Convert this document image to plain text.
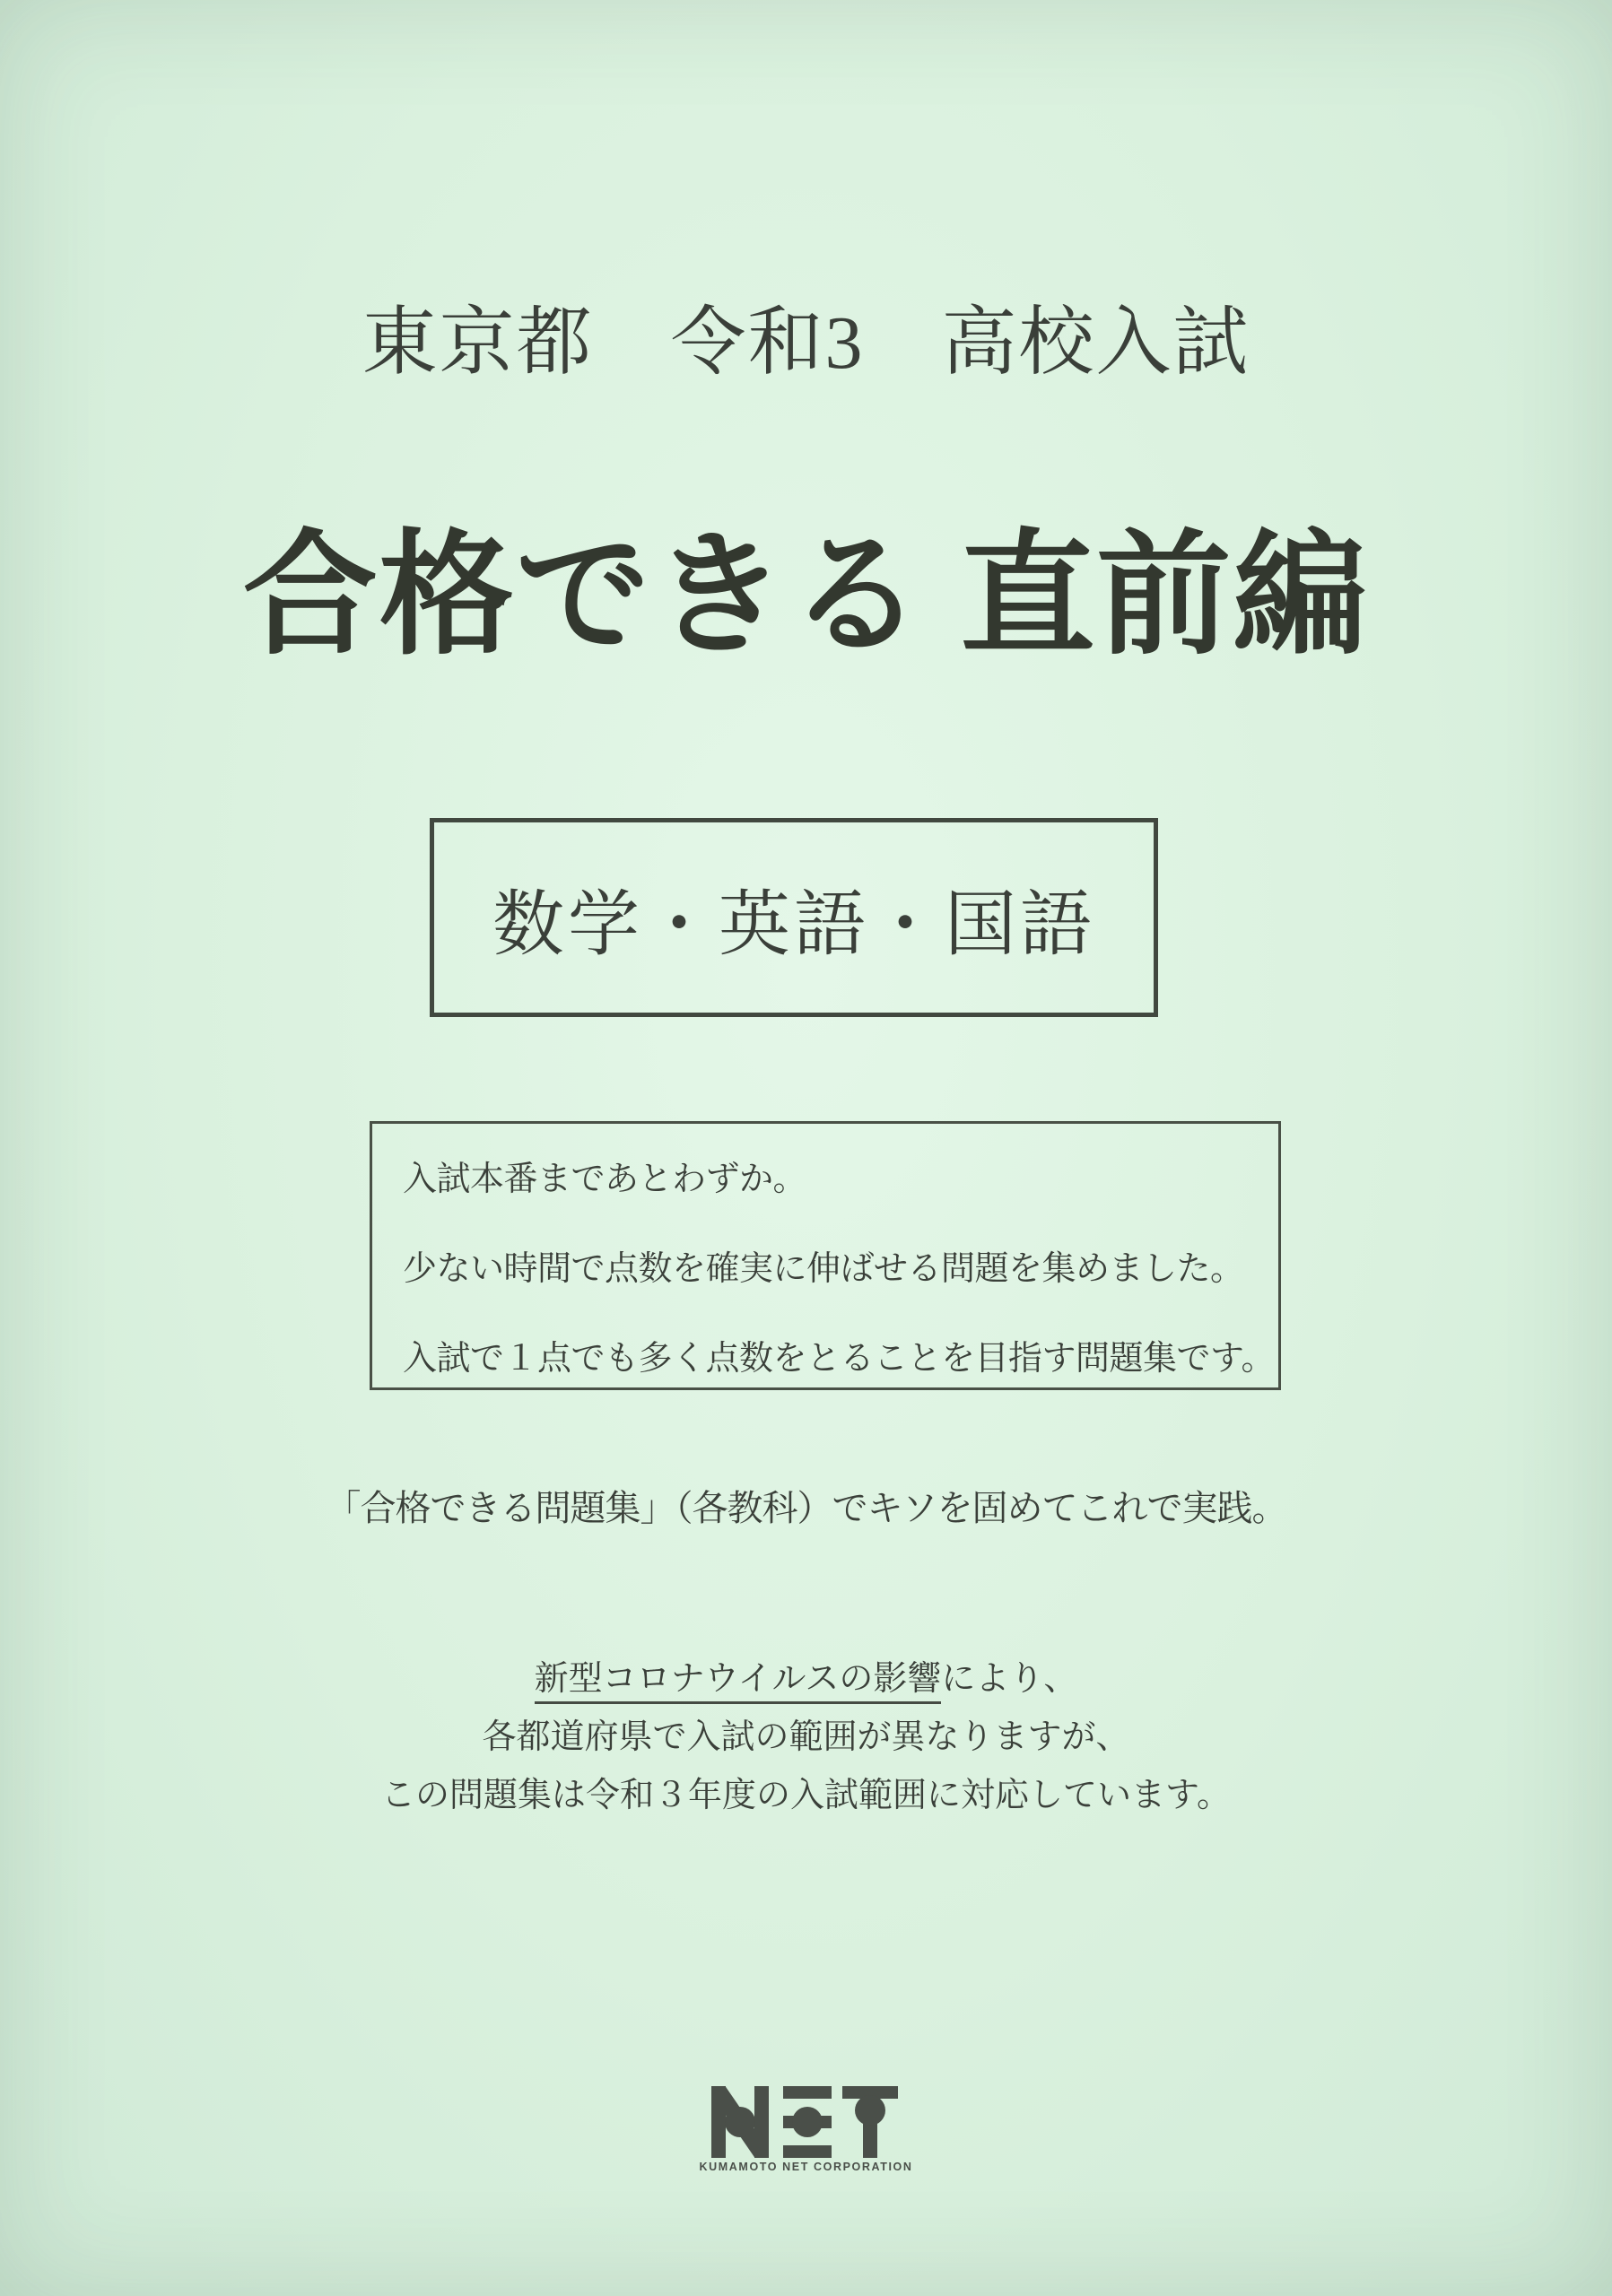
東京都　令和3　高校入試
合格できる 直前編
数学・英語・国語

入試本番まであとわずか。

少ない時間で点数を確実に伸ばせる問題を集めました。

入試で１点でも多く点数をとることを目指す問題集です。

「合格できる問題集」（各教科）でキソを固めてこれで実践。

新型コロナウイルスの影響により、

各都道府県で入試の範囲が異なりますが、

この問題集は令和３年度の入試範囲に対応しています。

KUMAMOTO NET CORPORATION
